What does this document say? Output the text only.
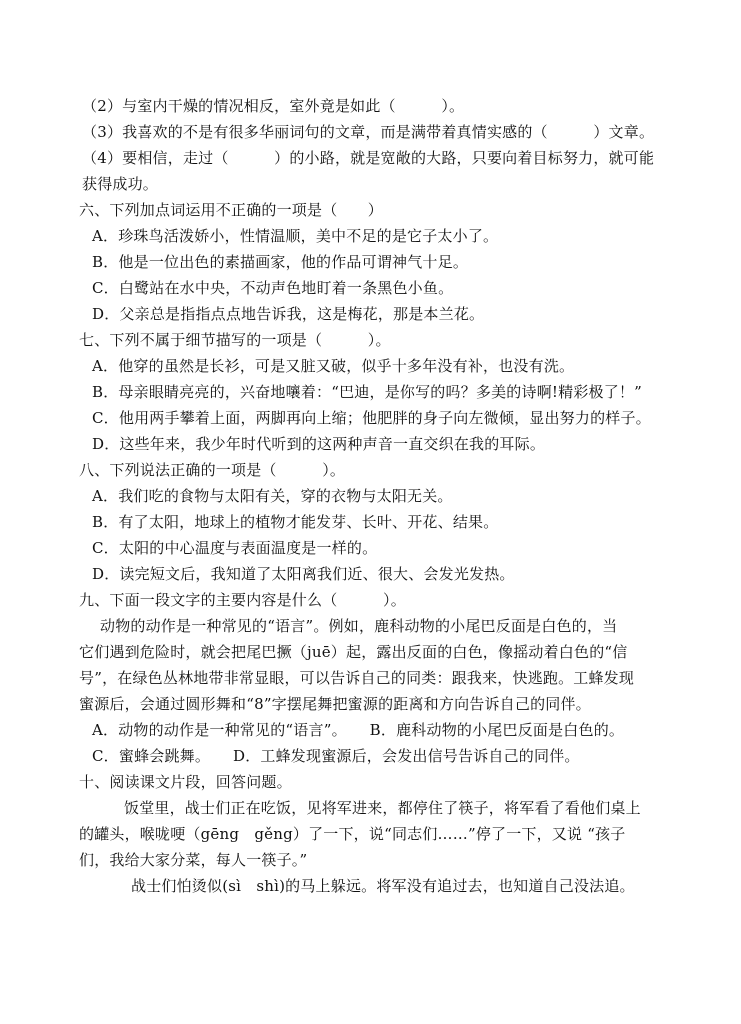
（2）与室内干燥的情况相反，室外竟是如此（　　　）。
（3）我喜欢的不是有很多华丽词句的文章，而是满带着真情实感的（　　　）文章。
（4）要相信，走过（　　　）的小路，就是宽敞的大路，只要向着目标努力，就可能
获得成功。
六、下列加点词运用不正确的一项是（　　）
A．珍珠鸟活泼娇小，性情温顺，美中不足的是它子太小了。
B．他是一位出色的素描画家，他的作品可谓神气十足。
C．白鹭站在水中央，不动声色地盯着一条黑色小鱼。
D．父亲总是指指点点地告诉我，这是梅花，那是本兰花。
七、下列不属于细节描写的一项是（　　　）。
A．他穿的虽然是长衫，可是又脏又破，似乎十多年没有补，也没有洗。
B．母亲眼睛亮亮的，兴奋地嚷着：“巴迪，是你写的吗？多美的诗啊!精彩极了！”
C．他用两手攀着上面，两脚再向上缩；他肥胖的身子向左微倾，显出努力的样子。
D．这些年来，我少年时代听到的这两种声音一直交织在我的耳际。
八、下列说法正确的一项是（　　　）。
A．我们吃的食物与太阳有关，穿的衣物与太阳无关。
B．有了太阳，地球上的植物才能发芽、长叶、开花、结果。
C．太阳的中心温度与表面温度是一样的。
D．读完短文后，我知道了太阳离我们近、很大、会发光发热。
九、下面一段文字的主要内容是什么（　　　）。
动物的动作是一种常见的“语言”。例如，鹿科动物的小尾巴反面是白色的，当
它们遇到危险时，就会把尾巴撅（juē）起，露出反面的白色，像摇动着白色的“信
号”，在绿色丛林地带非常显眼，可以告诉自己的同类：跟我来，快逃跑。工蜂发现
蜜源后，会通过圆形舞和“8”字摆尾舞把蜜源的距离和方向告诉自己的同伴。
A．动物的动作是一种常见的“语言”。　　B．鹿科动物的小尾巴反面是白色的。
C．蜜蜂会跳舞。　　D．工蜂发现蜜源后，会发出信号告诉自己的同伴。
十、阅读课文片段，回答问题。
饭堂里，战士们正在吃饭，见将军进来，都停住了筷子，将军看了看他们桌上
的罐头，喉咙哽（gēng　gěng）了一下，说“同志们……”停了一下，又说 “孩子
们，我给大家分菜，每人一筷子。”
战士们怕烫似(sì　shì)的马上躲远。将军没有追过去，也知道自己没法追。
